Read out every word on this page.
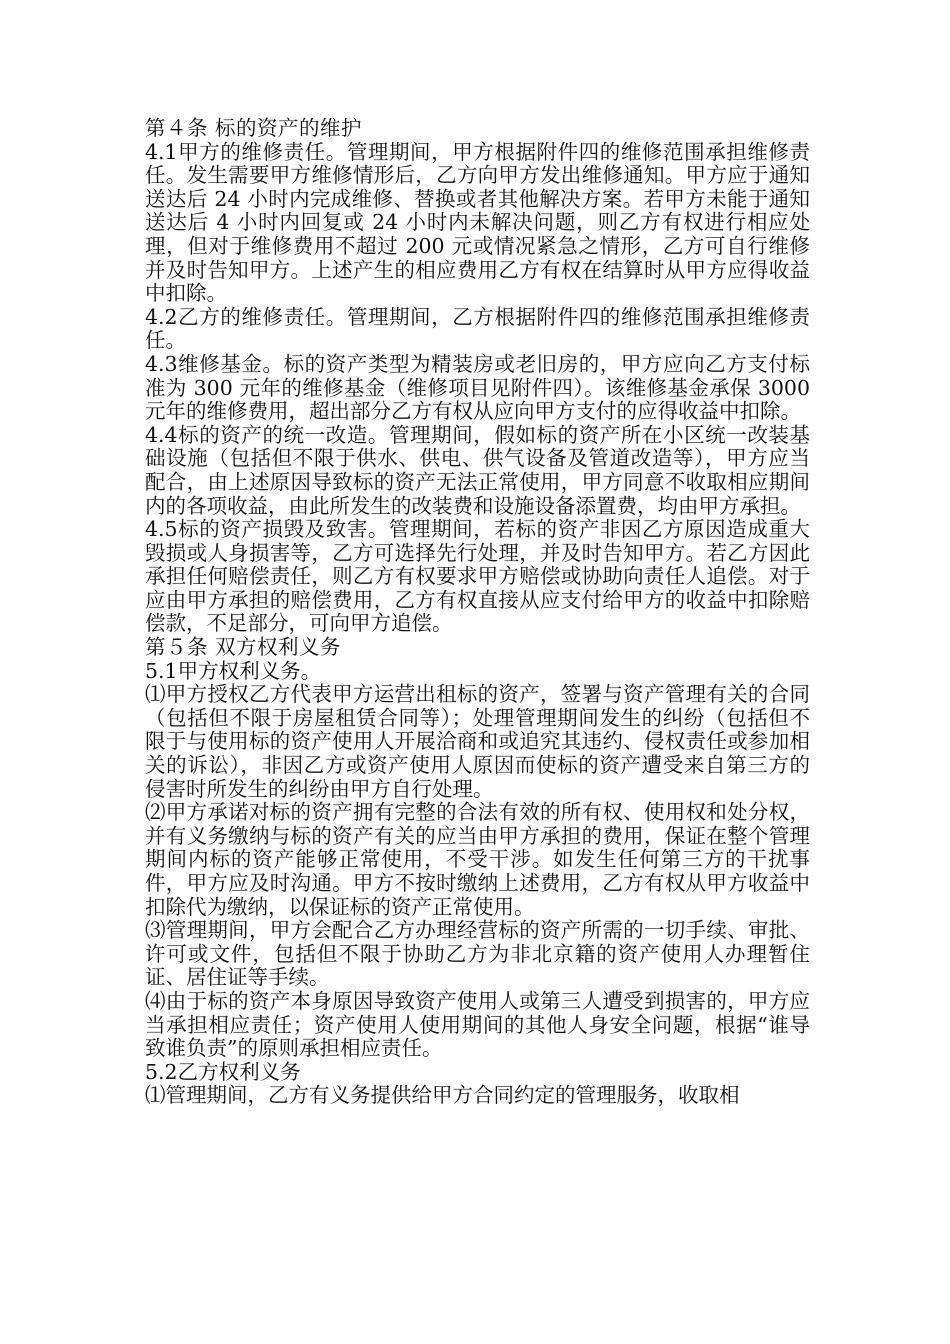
第４条 标的资产的维护

4.1甲方的维修责任。管理期间，甲方根据附件四的维修范围承担维修责任。发生需要甲方维修情形后，乙方向甲方发出维修通知。甲方应于通知送达后 24 小时内完成维修、替换或者其他解决方案。若甲方未能于通知送达后 4 小时内回复或 24 小时内未解决问题，则乙方有权进行相应处理，但对于维修费用不超过 200 元或情况紧急之情形，乙方可自行维修并及时告知甲方。上述产生的相应费用乙方有权在结算时从甲方应得收益中扣除。

4.2乙方的维修责任。管理期间，乙方根据附件四的维修范围承担维修责任。

4.3维修基金。标的资产类型为精装房或老旧房的，甲方应向乙方支付标准为 300 元年的维修基金（维修项目见附件四）。该维修基金承保 3000 元年的维修费用，超出部分乙方有权从应向甲方支付的应得收益中扣除。

4.4标的资产的统一改造。管理期间，假如标的资产所在小区统一改装基础设施（包括但不限于供水、供电、供气设备及管道改造等），甲方应当配合，由上述原因导致标的资产无法正常使用，甲方同意不收取相应期间内的各项收益，由此所发生的改装费和设施设备添置费，均由甲方承担。

4.5标的资产损毁及致害。管理期间，若标的资产非因乙方原因造成重大毁损或人身损害等，乙方可选择先行处理，并及时告知甲方。若乙方因此承担任何赔偿责任，则乙方有权要求甲方赔偿或协助向责任人追偿。对于应由甲方承担的赔偿费用，乙方有权直接从应支付给甲方的收益中扣除赔偿款，不足部分，可向甲方追偿。

第５条 双方权利义务

5.1甲方权利义务。

⑴甲方授权乙方代表甲方运营出租标的资产，签署与资产管理有关的合同（包括但不限于房屋租赁合同等）；处理管理期间发生的纠纷（包括但不限于与使用标的资产使用人开展洽商和或追究其违约、侵权责任或参加相关的诉讼），非因乙方或资产使用人原因而使标的资产遭受来自第三方的侵害时所发生的纠纷由甲方自行处理。

⑵甲方承诺对标的资产拥有完整的合法有效的所有权、使用权和处分权，并有义务缴纳与标的资产有关的应当由甲方承担的费用，保证在整个管理期间内标的资产能够正常使用，不受干涉。如发生任何第三方的干扰事件，甲方应及时沟通。甲方不按时缴纳上述费用，乙方有权从甲方收益中扣除代为缴纳，以保证标的资产正常使用。

⑶管理期间，甲方会配合乙方办理经营标的资产所需的一切手续、审批、许可或文件，包括但不限于协助乙方为非北京籍的资产使用人办理暂住证、居住证等手续。

⑷由于标的资产本身原因导致资产使用人或第三人遭受到损害的，甲方应当承担相应责任；资产使用人使用期间的其他人身安全问题，根据“谁导致谁负责”的原则承担相应责任。

5.2乙方权利义务

⑴管理期间，乙方有义务提供给甲方合同约定的管理服务，收取相
